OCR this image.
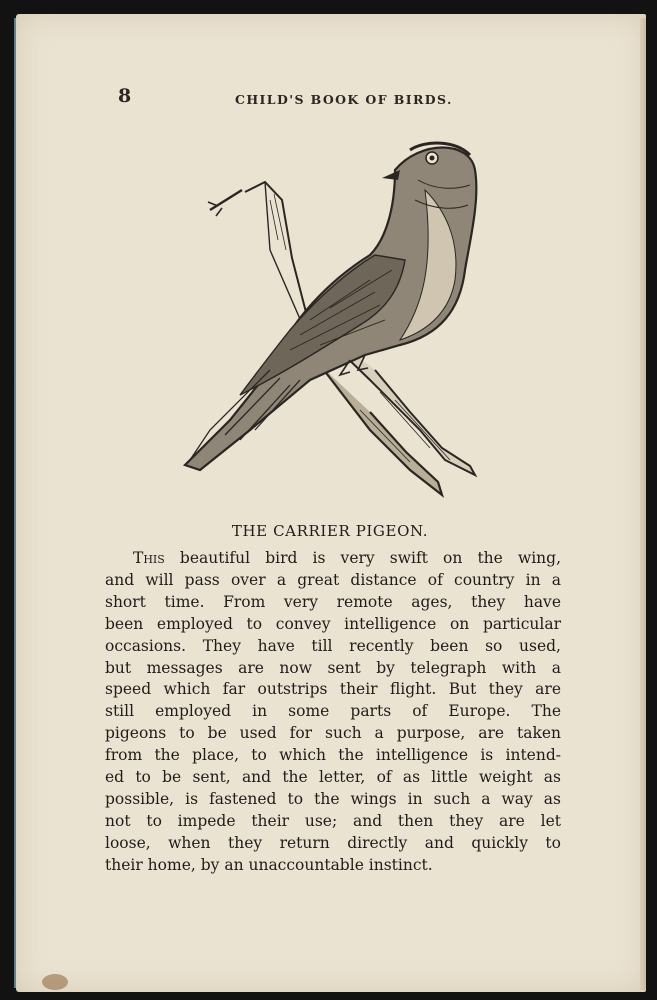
8	CHILD'S BOOK OF BIRDS.
THE CARRIER PIGEON.
This beautiful bird is very swift on the wing,
and will pass over a great distance of country in a
short time. From very remote ages, they have
been employed to convey intelligence on particular
occasions. They have till recently been so used,
but messages are now sent by telegraph with a
speed which far outstrips their flight. But they are
still employed in some parts of Europe. The
pigeons to be used for such a purpose, are taken
from the place, to which the intelligence is intend-
ed to be sent, and the letter, of as little weight as
possible, is fastened to the wings in such a way as
not to impede their use; and then they are let
loose, when they return directly and quickly to
their home, by an unaccountable instinct.
